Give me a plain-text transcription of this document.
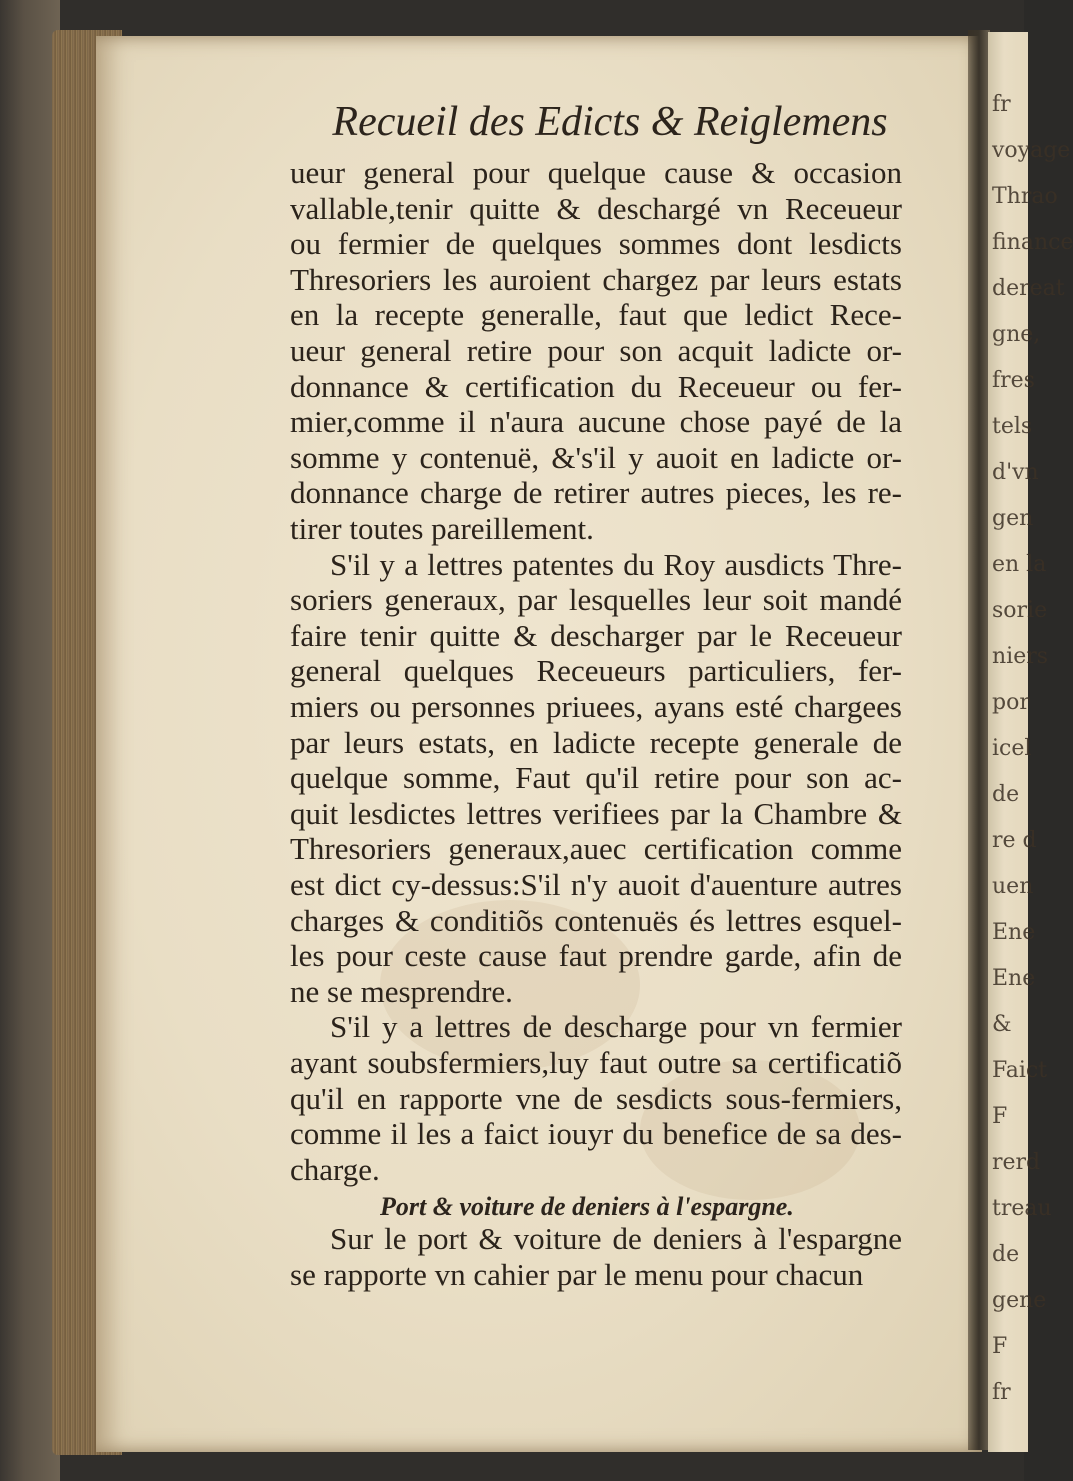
fr
voyage
Thrao
finance
dereat
gne,
fres
tels
d'vn
gen
en la
sorie
niers
por
icel
de
re d
uen
Ene
Ene
&
Faict
F
rerd
treau
de
gene
F
fr
Recueil des Edicts & Reiglemens
ueur general pour quelque cause & occasion
vallable,tenir quitte & deschargé vn Receueur
ou fermier de quelques sommes dont lesdicts
Thresoriers les auroient chargez par leurs estats
en la recepte generalle, faut que ledict Rece-
ueur general retire pour son acquit ladicte or-
donnance & certification du Receueur ou fer-
mier,comme il n'aura aucune chose payé de la
somme y contenuë, &'s'il y auoit en ladicte or-
donnance charge de retirer autres pieces, les re-
tirer toutes pareillement.
S'il y a lettres patentes du Roy ausdicts Thre-
soriers generaux, par lesquelles leur soit mandé
faire tenir quitte & descharger par le Receueur
general quelques Receueurs particuliers, fer-
miers ou personnes priuees, ayans esté chargees
par leurs estats, en ladicte recepte generale de
quelque somme, Faut qu'il retire pour son ac-
quit lesdictes lettres verifiees par la Chambre &
Thresoriers generaux,auec certification comme
est dict cy-dessus:S'il n'y auoit d'auenture autres
charges & conditiõs contenuës és lettres esquel-
les pour ceste cause faut prendre garde, afin de
ne se mesprendre.
S'il y a lettres de descharge pour vn fermier
ayant soubsfermiers,luy faut outre sa certificatiõ
qu'il en rapporte vne de sesdicts sous-fermiers,
comme il les a faict iouyr du benefice de sa des-
charge.
Sur le port & voiture de deniers à l'espargne
se rapporte vn cahier par le menu pour chacun
Port & voiture de deniers à l'espargne.
